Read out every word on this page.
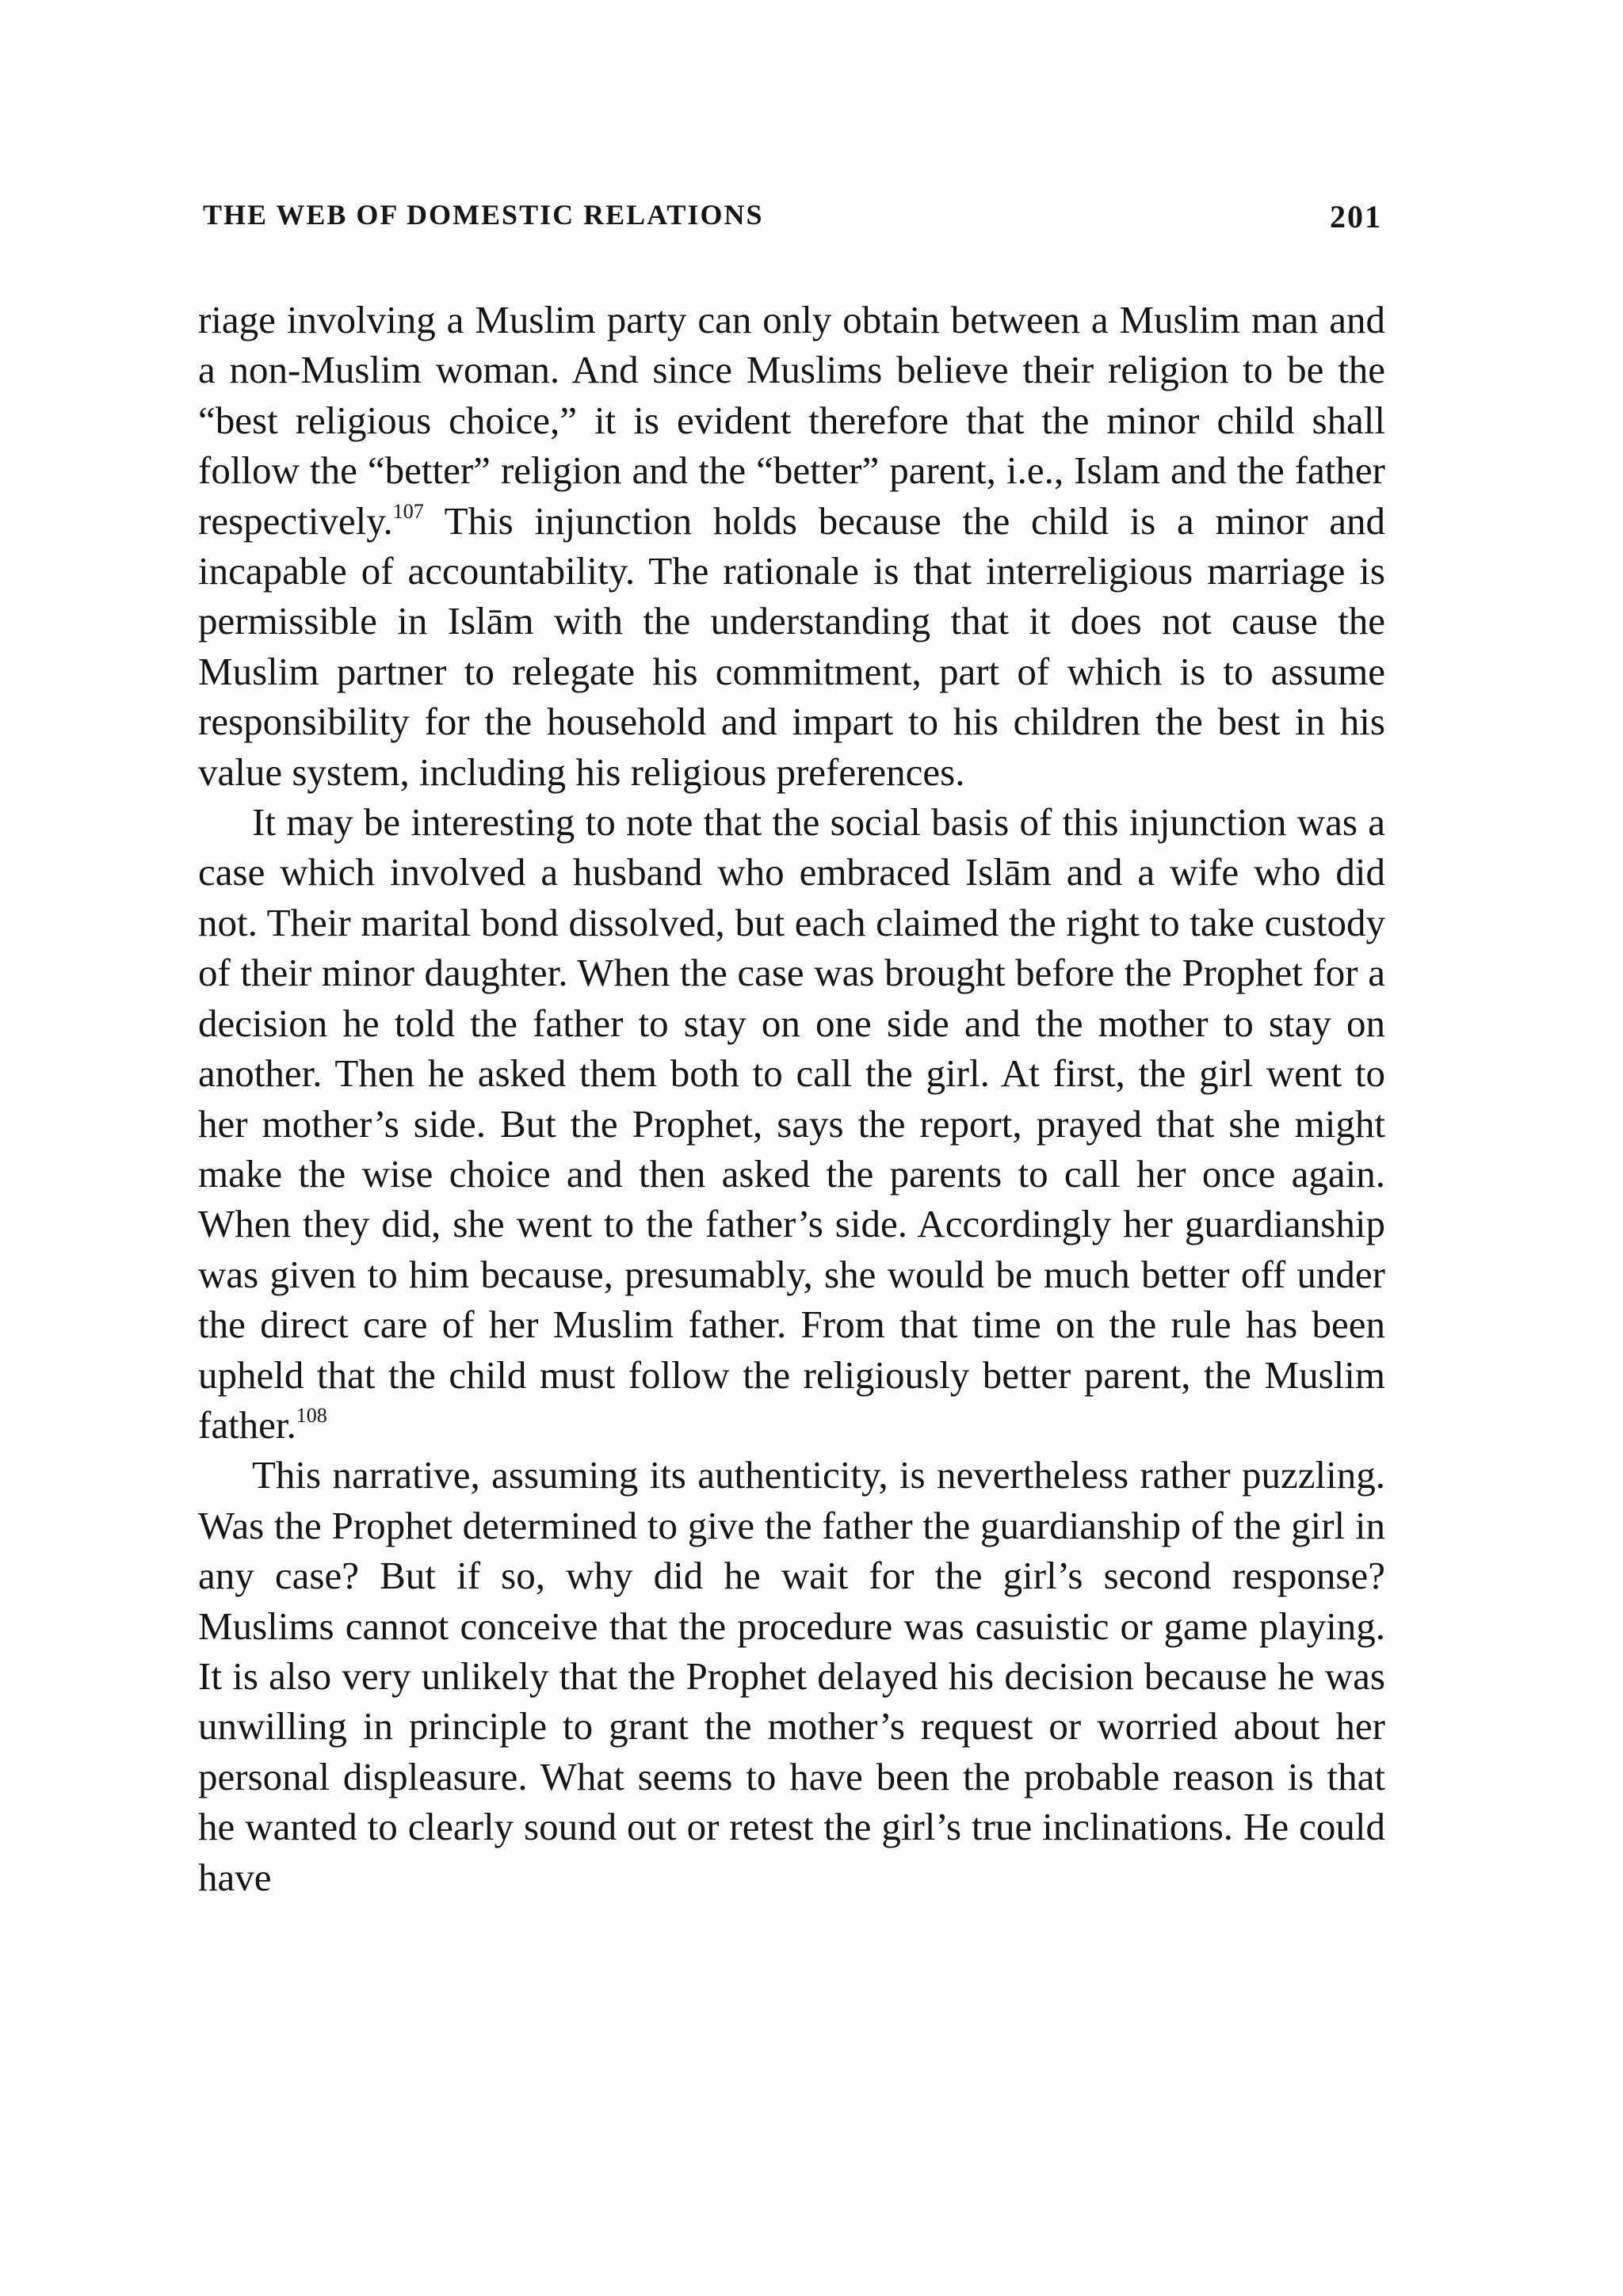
THE WEB OF DOMESTIC RELATIONS	201

riage involving a Muslim party can only obtain between a Muslim man and a non-Muslim woman. And since Muslims believe their religion to be the “best religious choice,” it is evident therefore that the minor child shall follow the “better” religion and the “better” parent, i.e., Islam and the father respectively.$^{107}$ This injunction holds because the child is a minor and incapable of accountability. The rationale is that interreligious marriage is permissible in Islām with the understanding that it does not cause the Muslim partner to relegate his commitment, part of which is to assume responsibility for the household and impart to his children the best in his value system, including his religious preferences.

It may be interesting to note that the social basis of this injunction was a case which involved a husband who embraced Islām and a wife who did not. Their marital bond dissolved, but each claimed the right to take custody of their minor daughter. When the case was brought before the Prophet for a decision he told the father to stay on one side and the mother to stay on another. Then he asked them both to call the girl. At first, the girl went to her mother’s side. But the Prophet, says the report, prayed that she might make the wise choice and then asked the parents to call her once again. When they did, she went to the father’s side. Accordingly her guardianship was given to him because, presumably, she would be much better off under the direct care of her Muslim father. From that time on the rule has been upheld that the child must follow the religiously better parent, the Muslim father.$^{108}$

This narrative, assuming its authenticity, is nevertheless rather puzzling. Was the Prophet determined to give the father the guardianship of the girl in any case? But if so, why did he wait for the girl’s second response? Muslims cannot conceive that the procedure was casuistic or game playing. It is also very unlikely that the Prophet delayed his decision because he was unwilling in principle to grant the mother’s request or worried about her personal displeasure. What seems to have been the probable reason is that he wanted to clearly sound out or retest the girl’s true inclinations. He could have
